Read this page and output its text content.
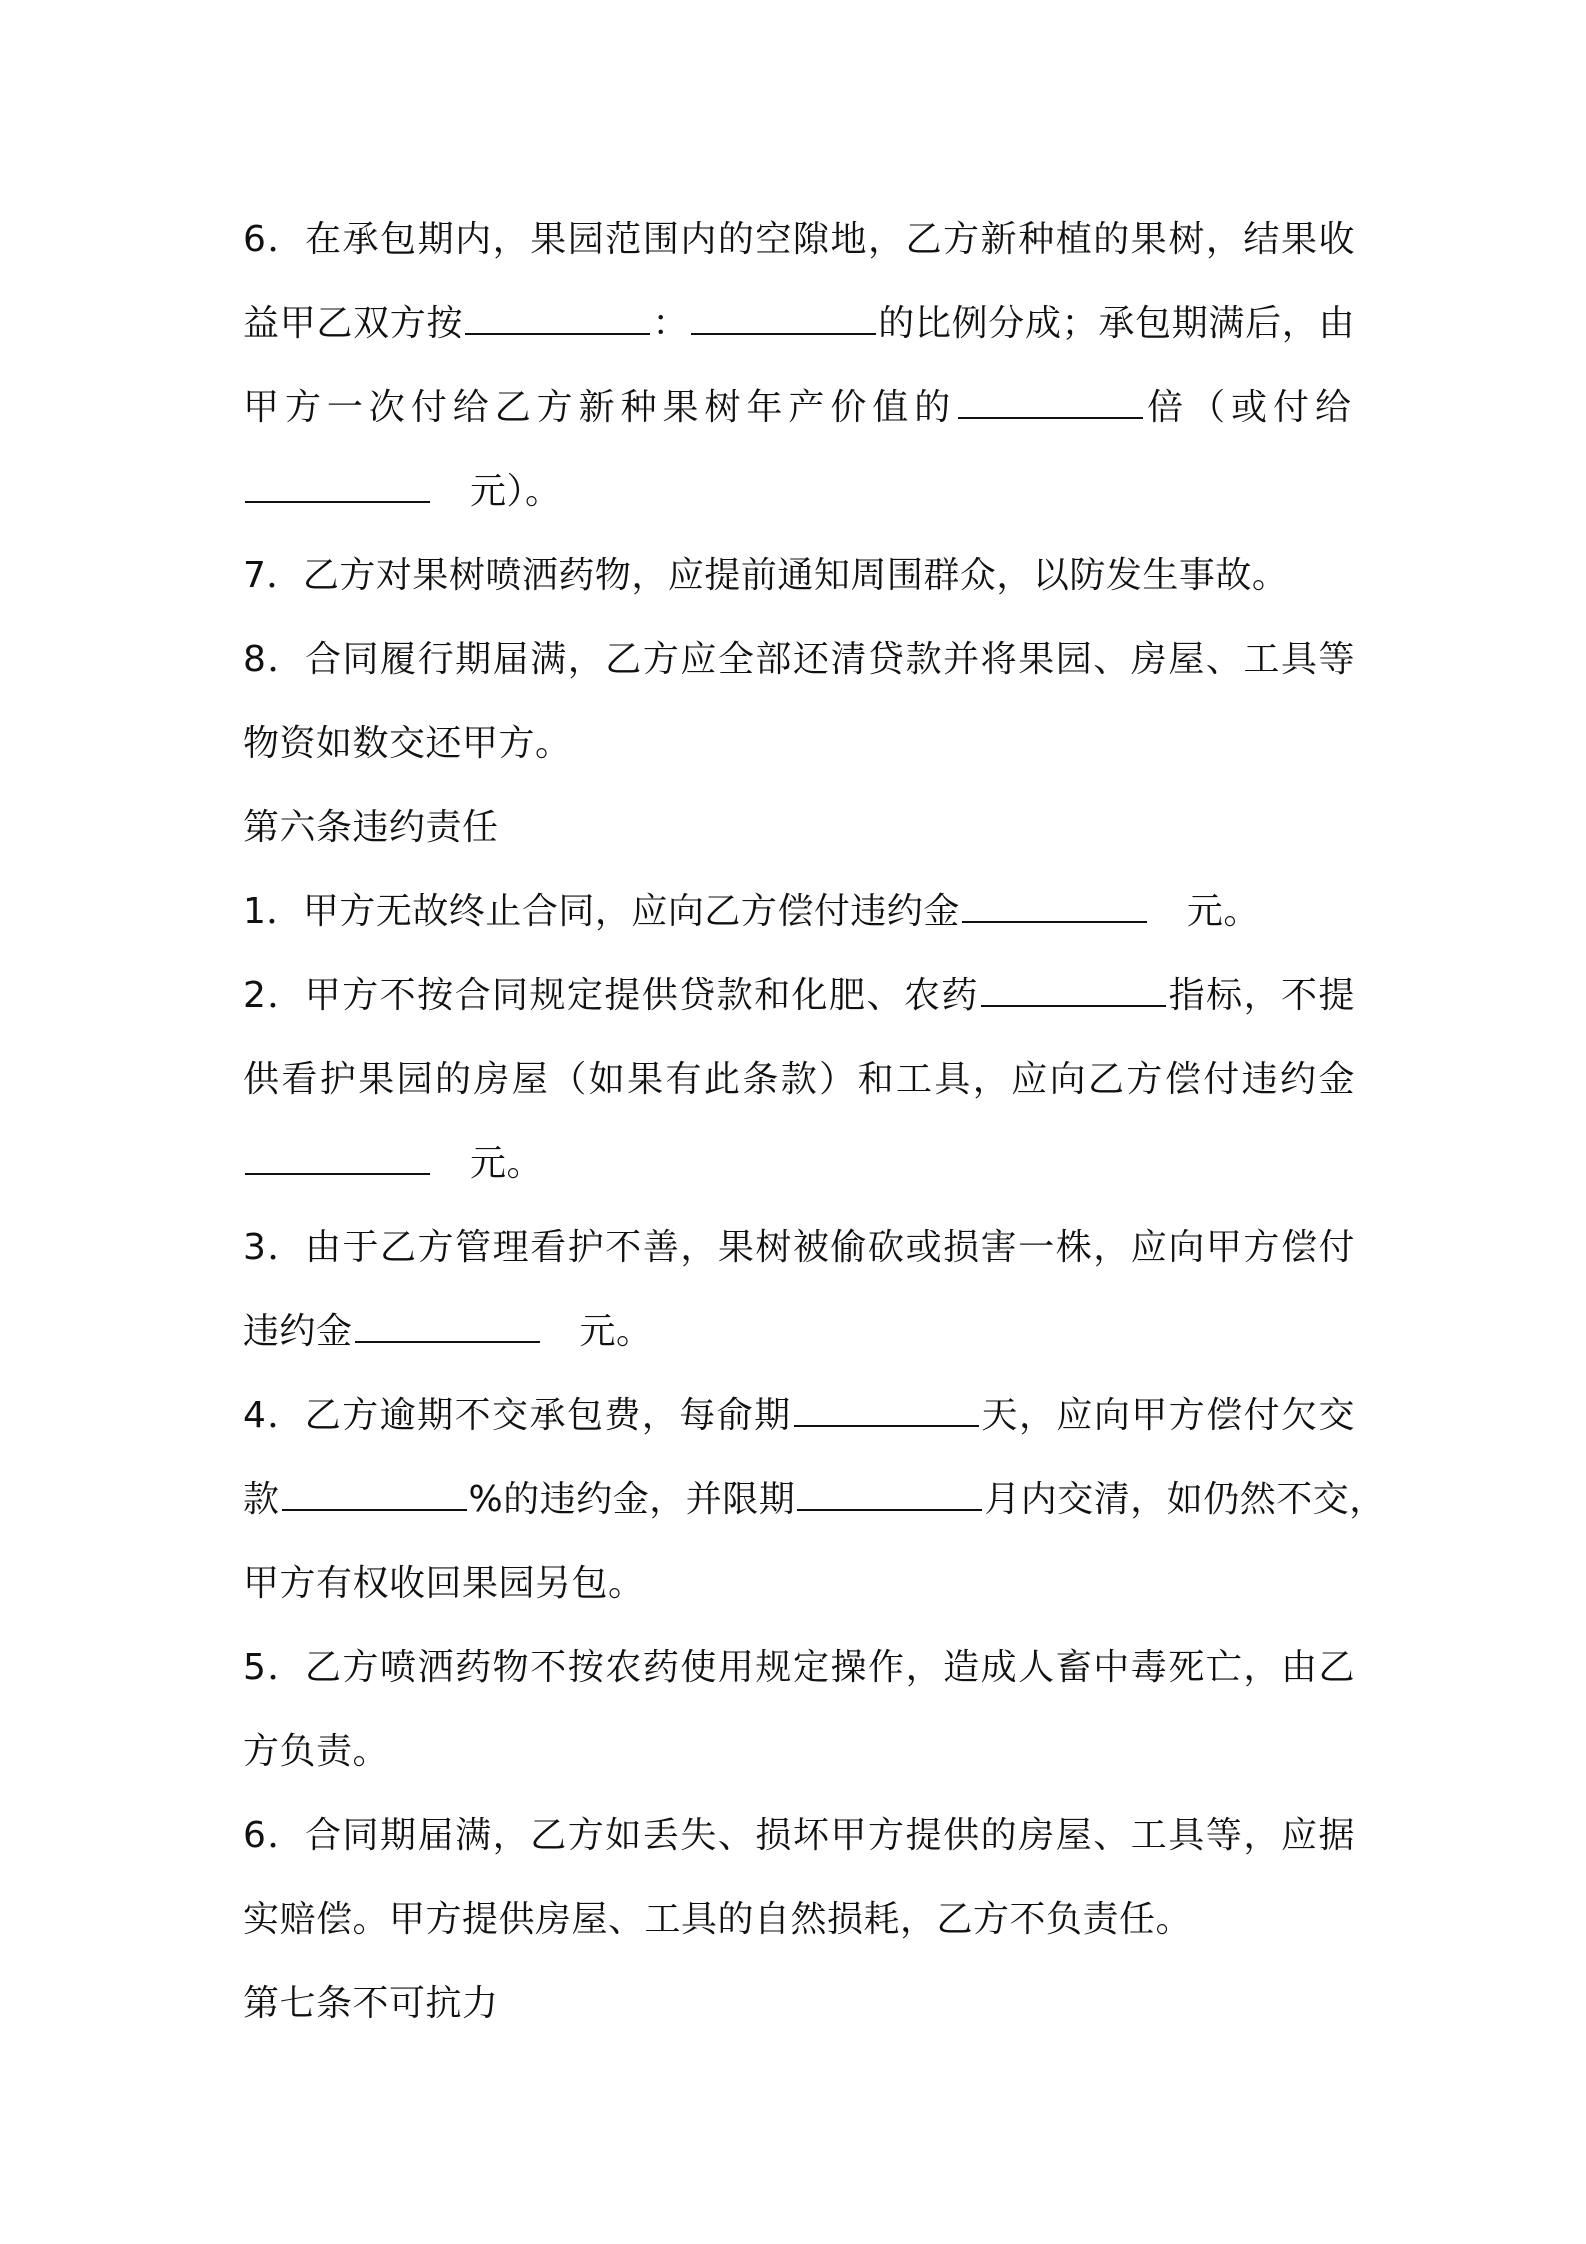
6．在承包期内，果园范围内的空隙地，乙方新种植的果树，结果收
益甲乙双方按	：	的比例分成；承包期满后，由
甲方一次付给乙方新种果树年产价值的	倍（或付给
元）。
7．乙方对果树喷洒药物，应提前通知周围群众，以防发生事故。
8．合同履行期届满，乙方应全部还清贷款并将果园、房屋、工具等
物资如数交还甲方。
第六条违约责任
1．甲方无故终止合同，应向乙方偿付违约金	元。
2．甲方不按合同规定提供贷款和化肥、农药	指标，不提
供看护果园的房屋（如果有此条款）和工具，应向乙方偿付违约金
元。
3．由于乙方管理看护不善，果树被偷砍或损害一株，应向甲方偿付
违约金	元。
4．乙方逾期不交承包费，每俞期	天，应向甲方偿付欠交
款	%的违约金，并限期	月内交清，如仍然不交，
甲方有权收回果园另包。
5．乙方喷洒药物不按农药使用规定操作，造成人畜中毒死亡，由乙
方负责。
6．合同期届满，乙方如丢失、损坏甲方提供的房屋、工具等，应据
实赔偿。甲方提供房屋、工具的自然损耗，乙方不负责任。
第七条不可抗力
